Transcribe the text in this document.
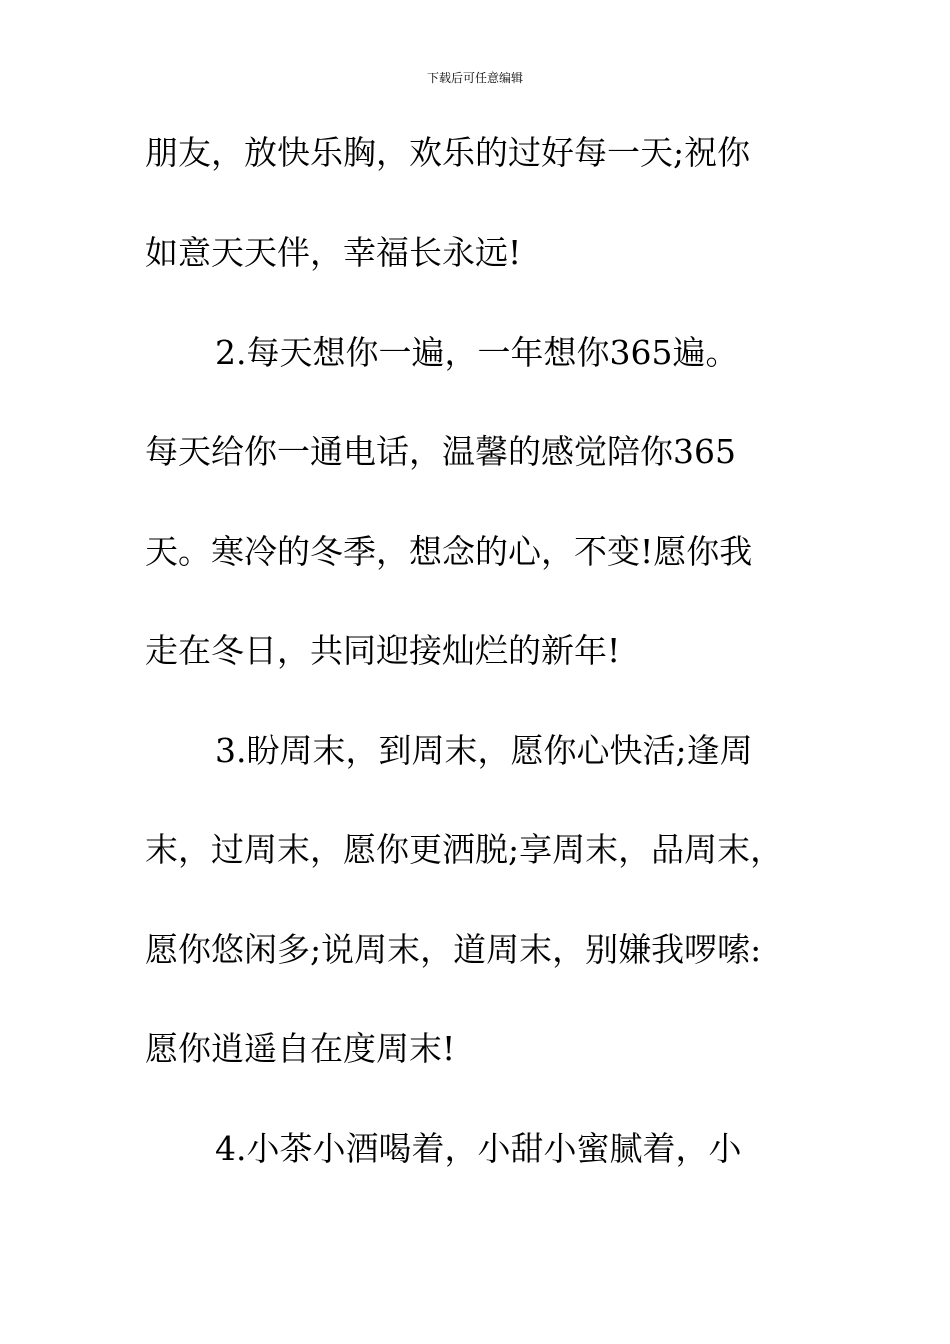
下载后可任意编辑
朋友，放快乐胸，欢乐的过好每一天;祝你
如意天天伴，幸福长永远!
2.每天想你一遍，一年想你365遍。
每天给你一通电话，温馨的感觉陪你365
天。寒冷的冬季，想念的心，不变!愿你我
走在冬日，共同迎接灿烂的新年!
3.盼周末，到周末，愿你心快活;逢周
末，过周末，愿你更洒脱;享周末，品周末，
愿你悠闲多;说周末，道周末，别嫌我啰嗦:
愿你逍遥自在度周末!
4.小茶小酒喝着，小甜小蜜腻着，小
